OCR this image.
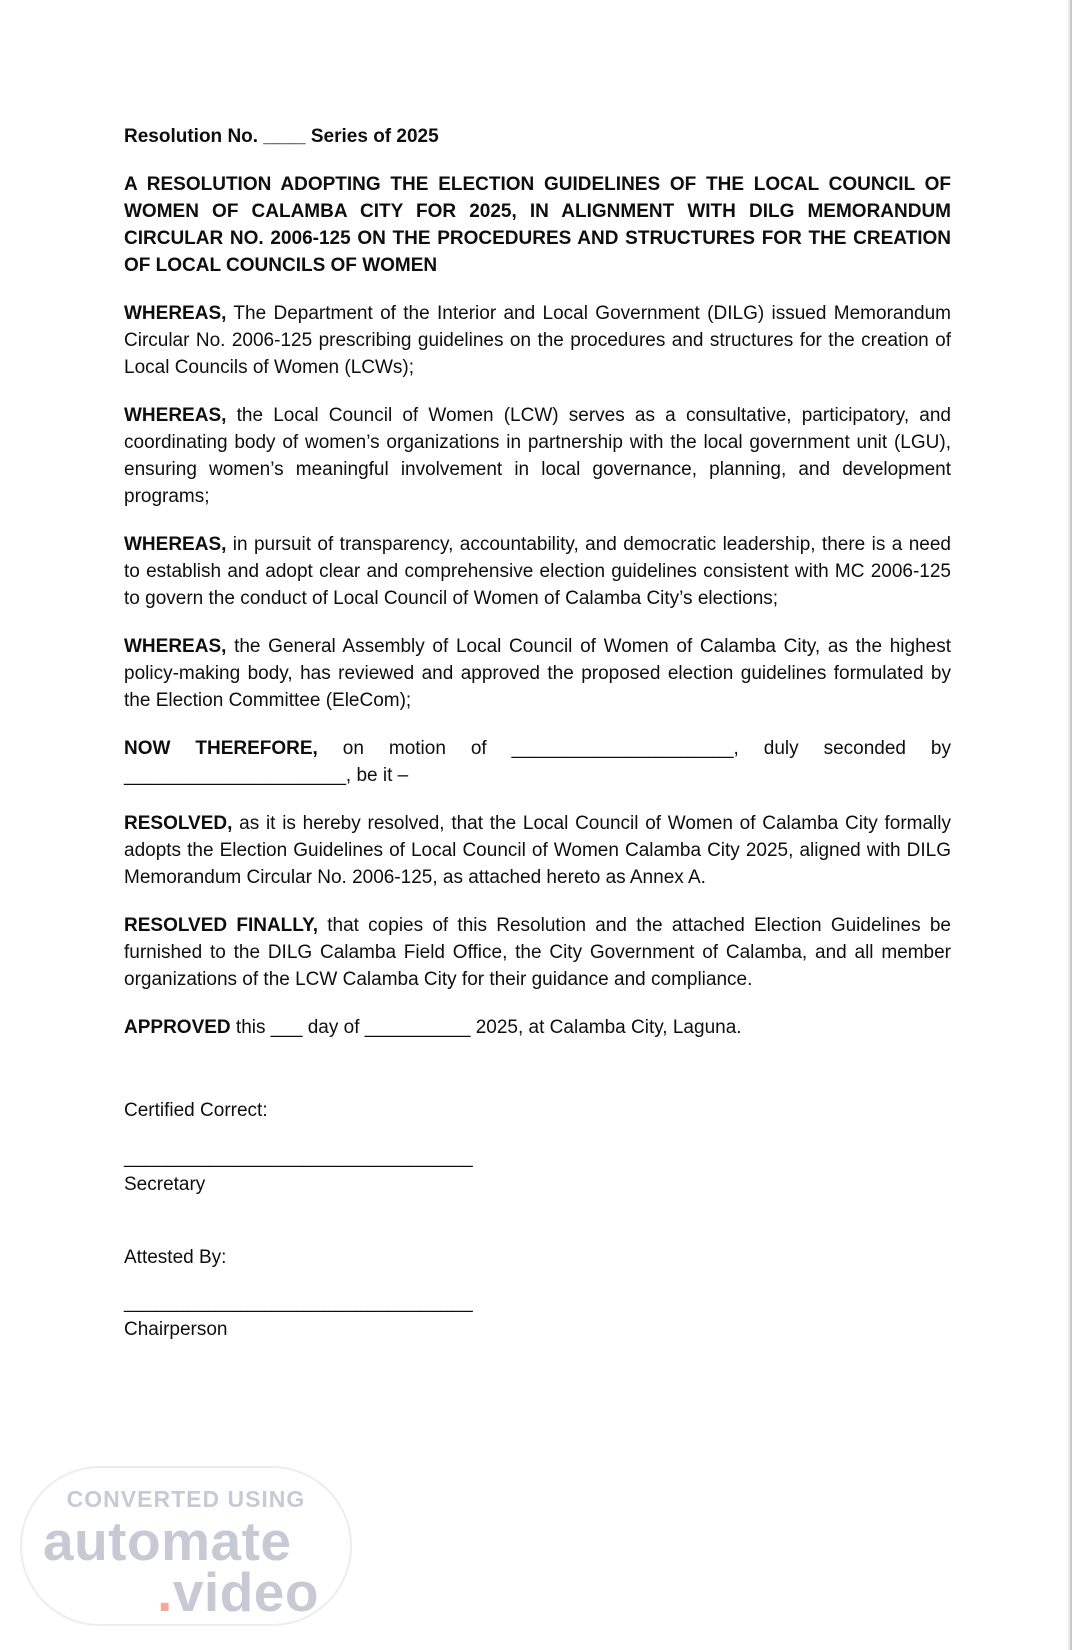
Resolution No. ____ Series of 2025
A RESOLUTION ADOPTING THE ELECTION GUIDELINES OF THE LOCAL COUNCIL OF WOMEN OF CALAMBA CITY FOR 2025, IN ALIGNMENT WITH DILG MEMORANDUM CIRCULAR NO. 2006-125 ON THE PROCEDURES AND STRUCTURES FOR THE CREATION OF LOCAL COUNCILS OF WOMEN

WHEREAS, The Department of the Interior and Local Government (DILG) issued Memorandum Circular No. 2006-125 prescribing guidelines on the procedures and structures for the creation of Local Councils of Women (LCWs);

WHEREAS, the Local Council of Women (LCW) serves as a consultative, participatory, and coordinating body of women’s organizations in partnership with the local government unit (LGU), ensuring women’s meaningful involvement in local governance, planning, and development programs;

WHEREAS, in pursuit of transparency, accountability, and democratic leadership, there is a need to establish and adopt clear and comprehensive election guidelines consistent with MC 2006-125 to govern the conduct of Local Council of Women of Calamba City’s elections;

WHEREAS, the General Assembly of Local Council of Women of Calamba City, as the highest policy-making body, has reviewed and approved the proposed election guidelines formulated by the Election Committee (EleCom);

NOW THEREFORE, on motion of _____________________, duly seconded by _____________________, be it –

RESOLVED, as it is hereby resolved, that the Local Council of Women of Calamba City formally adopts the Election Guidelines of Local Council of Women Calamba City 2025, aligned with DILG Memorandum Circular No. 2006-125, as attached hereto as Annex A.

RESOLVED FINALLY, that copies of this Resolution and the attached Election Guidelines be furnished to the DILG Calamba Field Office, the City Government of Calamba, and all member organizations of the LCW Calamba City for their guidance and compliance.

APPROVED this ___ day of __________ 2025, at Calamba City, Laguna.

Certified Correct:
_________________________________
Secretary
Attested By:
_________________________________
Chairperson
CONVERTED USING
automate
.video
